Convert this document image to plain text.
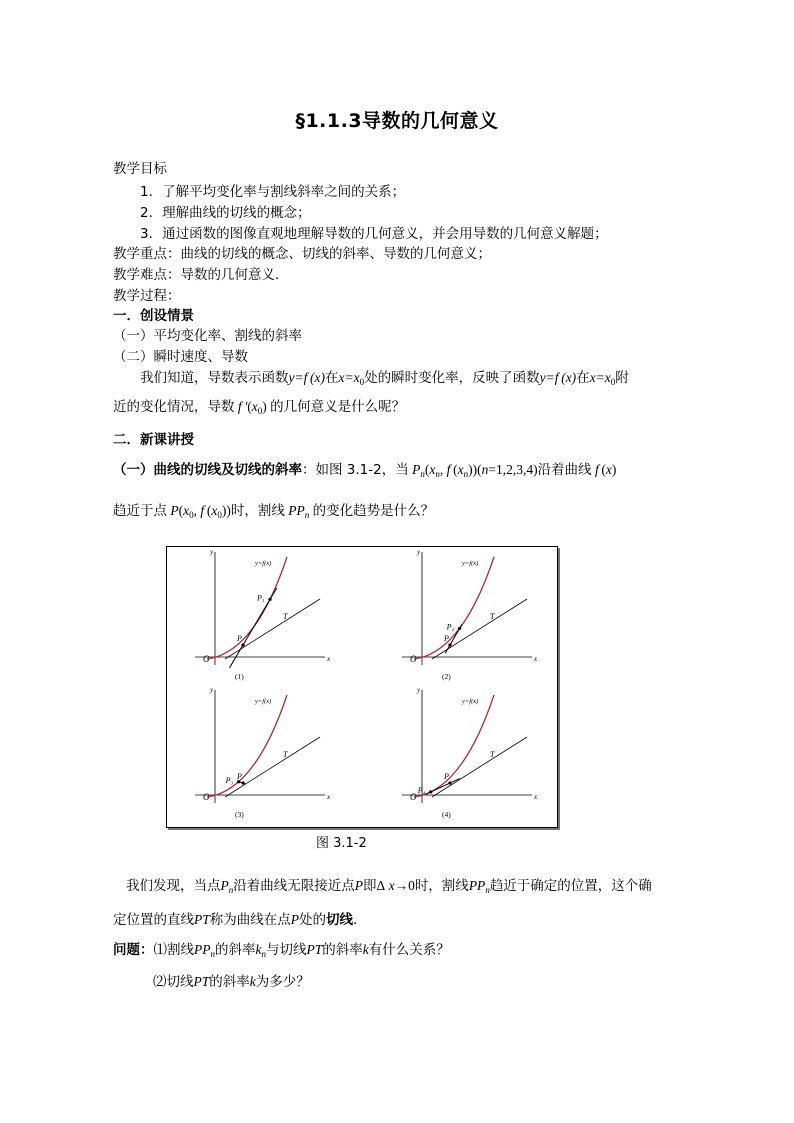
§1.1.3导数的几何意义
教学目标
1．了解平均变化率与割线斜率之间的关系；
2．理解曲线的切线的概念；
3．通过函数的图像直观地理解导数的几何意义，并会用导数的几何意义解题；
教学重点：曲线的切线的概念、切线的斜率、导数的几何意义；
教学难点：导数的几何意义．
教学过程：
一．创设情景
（一）平均变化率、割线的斜率
（二）瞬时速度、导数
我们知道，导数表示函数y=f (x)在$x=x_0$处的瞬时变化率，反映了函数y=f (x)在$x=x_0$附
近的变化情况，导数 f $'(x_0)$ 的几何意义是什么呢？
二．新课讲授
（一）曲线的切线及切线的斜率：如图 3.1-2，当 $P_n(x_n$, f $(x_n))(n=1,2,3,4)$沿着曲线 f (x)
趋近于点 $P(x_0$, f $(x_0)$)时，割线 $PP_n$ 的变化趋势是什么？
x
y
O
P
P₁
T
y=f(x)
(1)
x
y
O
P
P₂
T
y=f(x)
(2)
x
y
O
P
P₃
T
y=f(x)
(3)
x
y
O
P
P₄
T
y=f(x)
(4)
图 3.1-2
我们发现，当点$P_n$沿着曲线无限接近点P即Δ x→0时，割线$PP_n$趋近于确定的位置，这个确
定位置的直线PT称为曲线在点P处的切线.
问题：⑴割线$PP_n$的斜率$k_n$与切线PT的斜率k有什么关系？
⑵切线PT的斜率k为多少？
